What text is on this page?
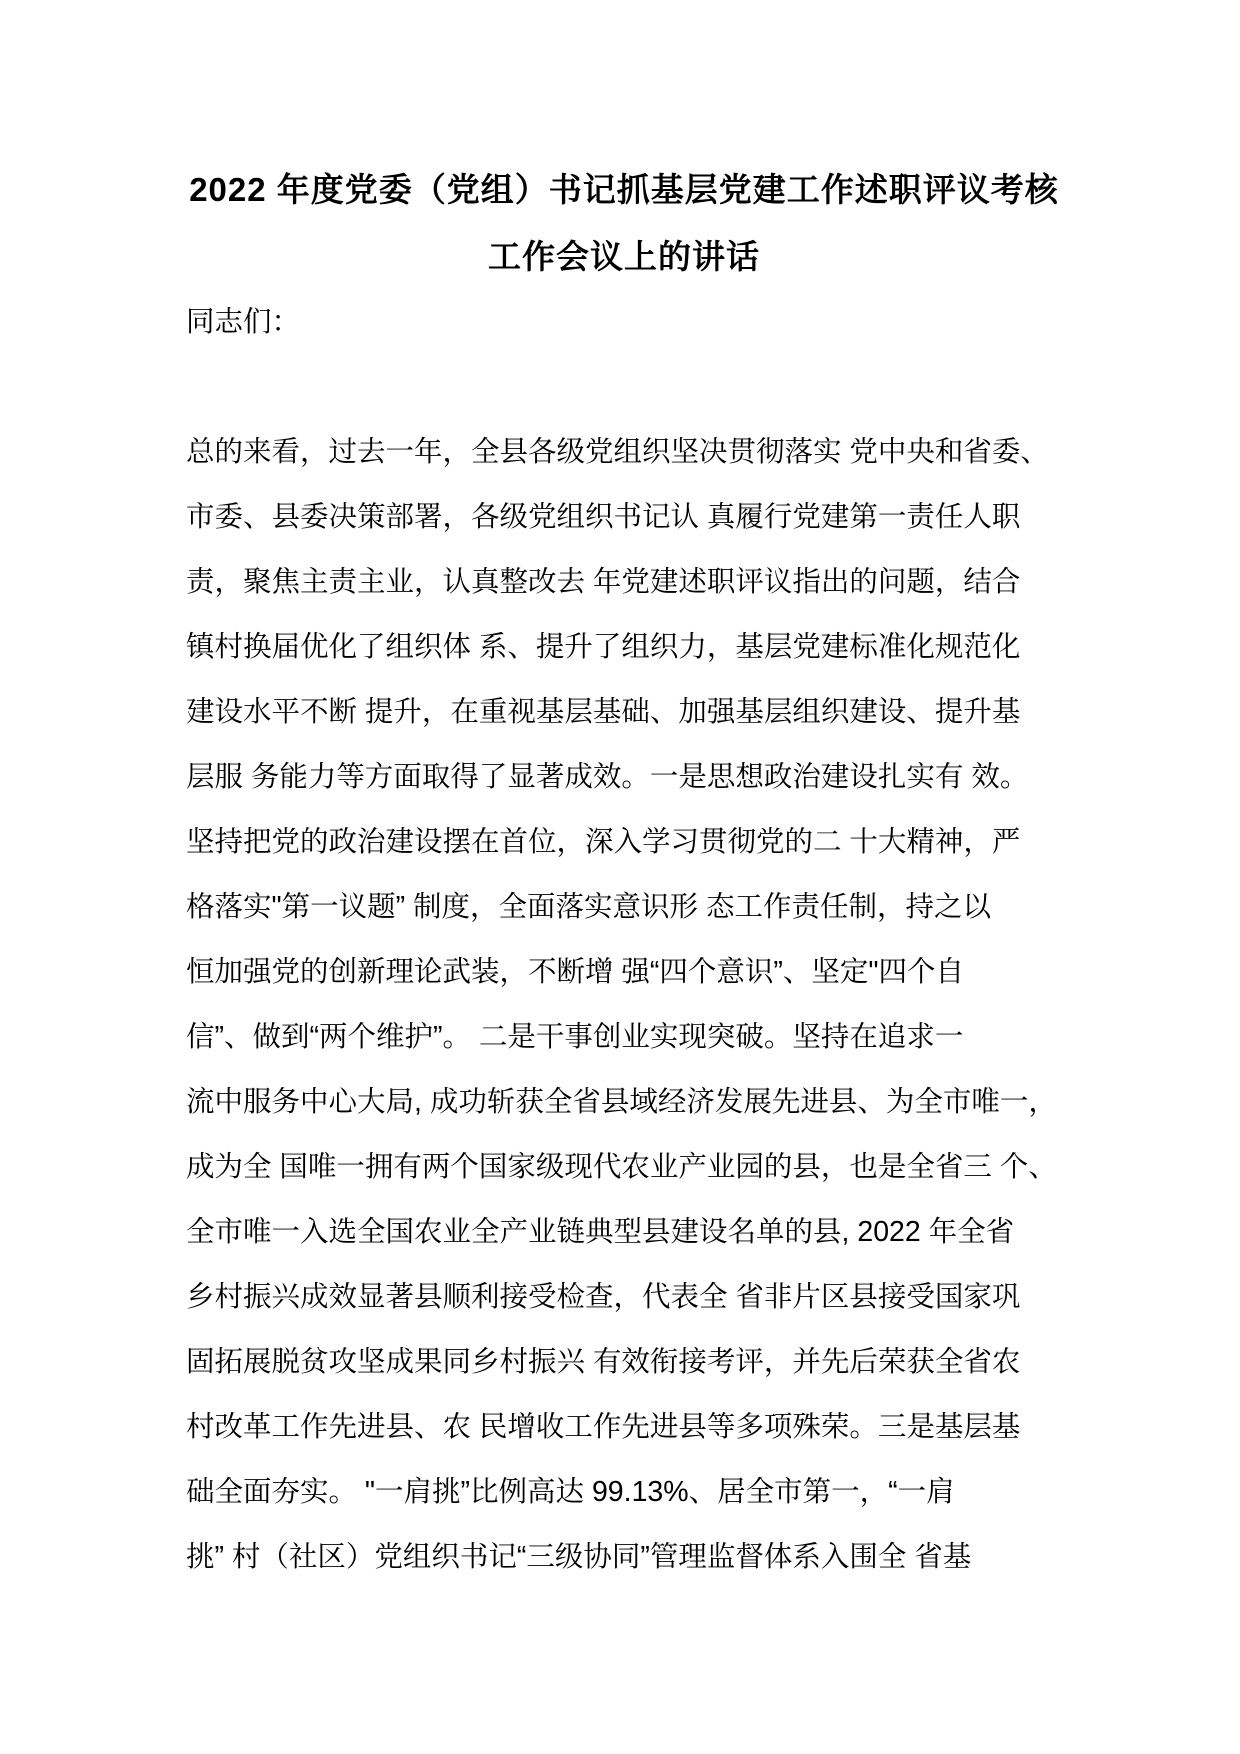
2022 年度党委（党组）书记抓基层党建工作述职评议考核
工作会议上的讲话
同志们：
总的来看，过去一年，全县各级党组织坚决贯彻落实 党中央和省委、
市委、县委决策部署，各级党组织书记认 真履行党建第一责任人职
责，聚焦主责主业，认真整改去 年党建述职评议指出的问题，结合
镇村换届优化了组织体 系、提升了组织力，基层党建标准化规范化
建设水平不断 提升，在重视基层基础、加强基层组织建设、提升基
层服 务能力等方面取得了显著成效。一是思想政治建设扎实有 效。
坚持把党的政治建设摆在首位，深入学习贯彻党的二 十大精神，严
格落实"第一议题” 制度，全面落实意识形 态工作责任制，持之以
恒加强党的创新理论武装，不断增 强“四个意识”、坚定"四个自
信”、做到“两个维护”。 二是干事创业实现突破。坚持在追求一
流中服务中心大局, 成功斩获全省县域经济发展先进县、为全市唯一，
成为全 国唯一拥有两个国家级现代农业产业园的县，也是全省三 个、
全市唯一入选全国农业全产业链典型县建设名单的县, 2022 年全省
乡村振兴成效显著县顺利接受检查，代表全 省非片区县接受国家巩
固拓展脱贫攻坚成果同乡村振兴 有效衔接考评，并先后荣获全省农
村改革工作先进县、农 民增收工作先进县等多项殊荣。三是基层基
础全面夯实。 "一肩挑”比例高达 99.13%、居全市第一，“一肩
挑” 村（社区）党组织书记“三级协同”管理监督体系入围全 省基
